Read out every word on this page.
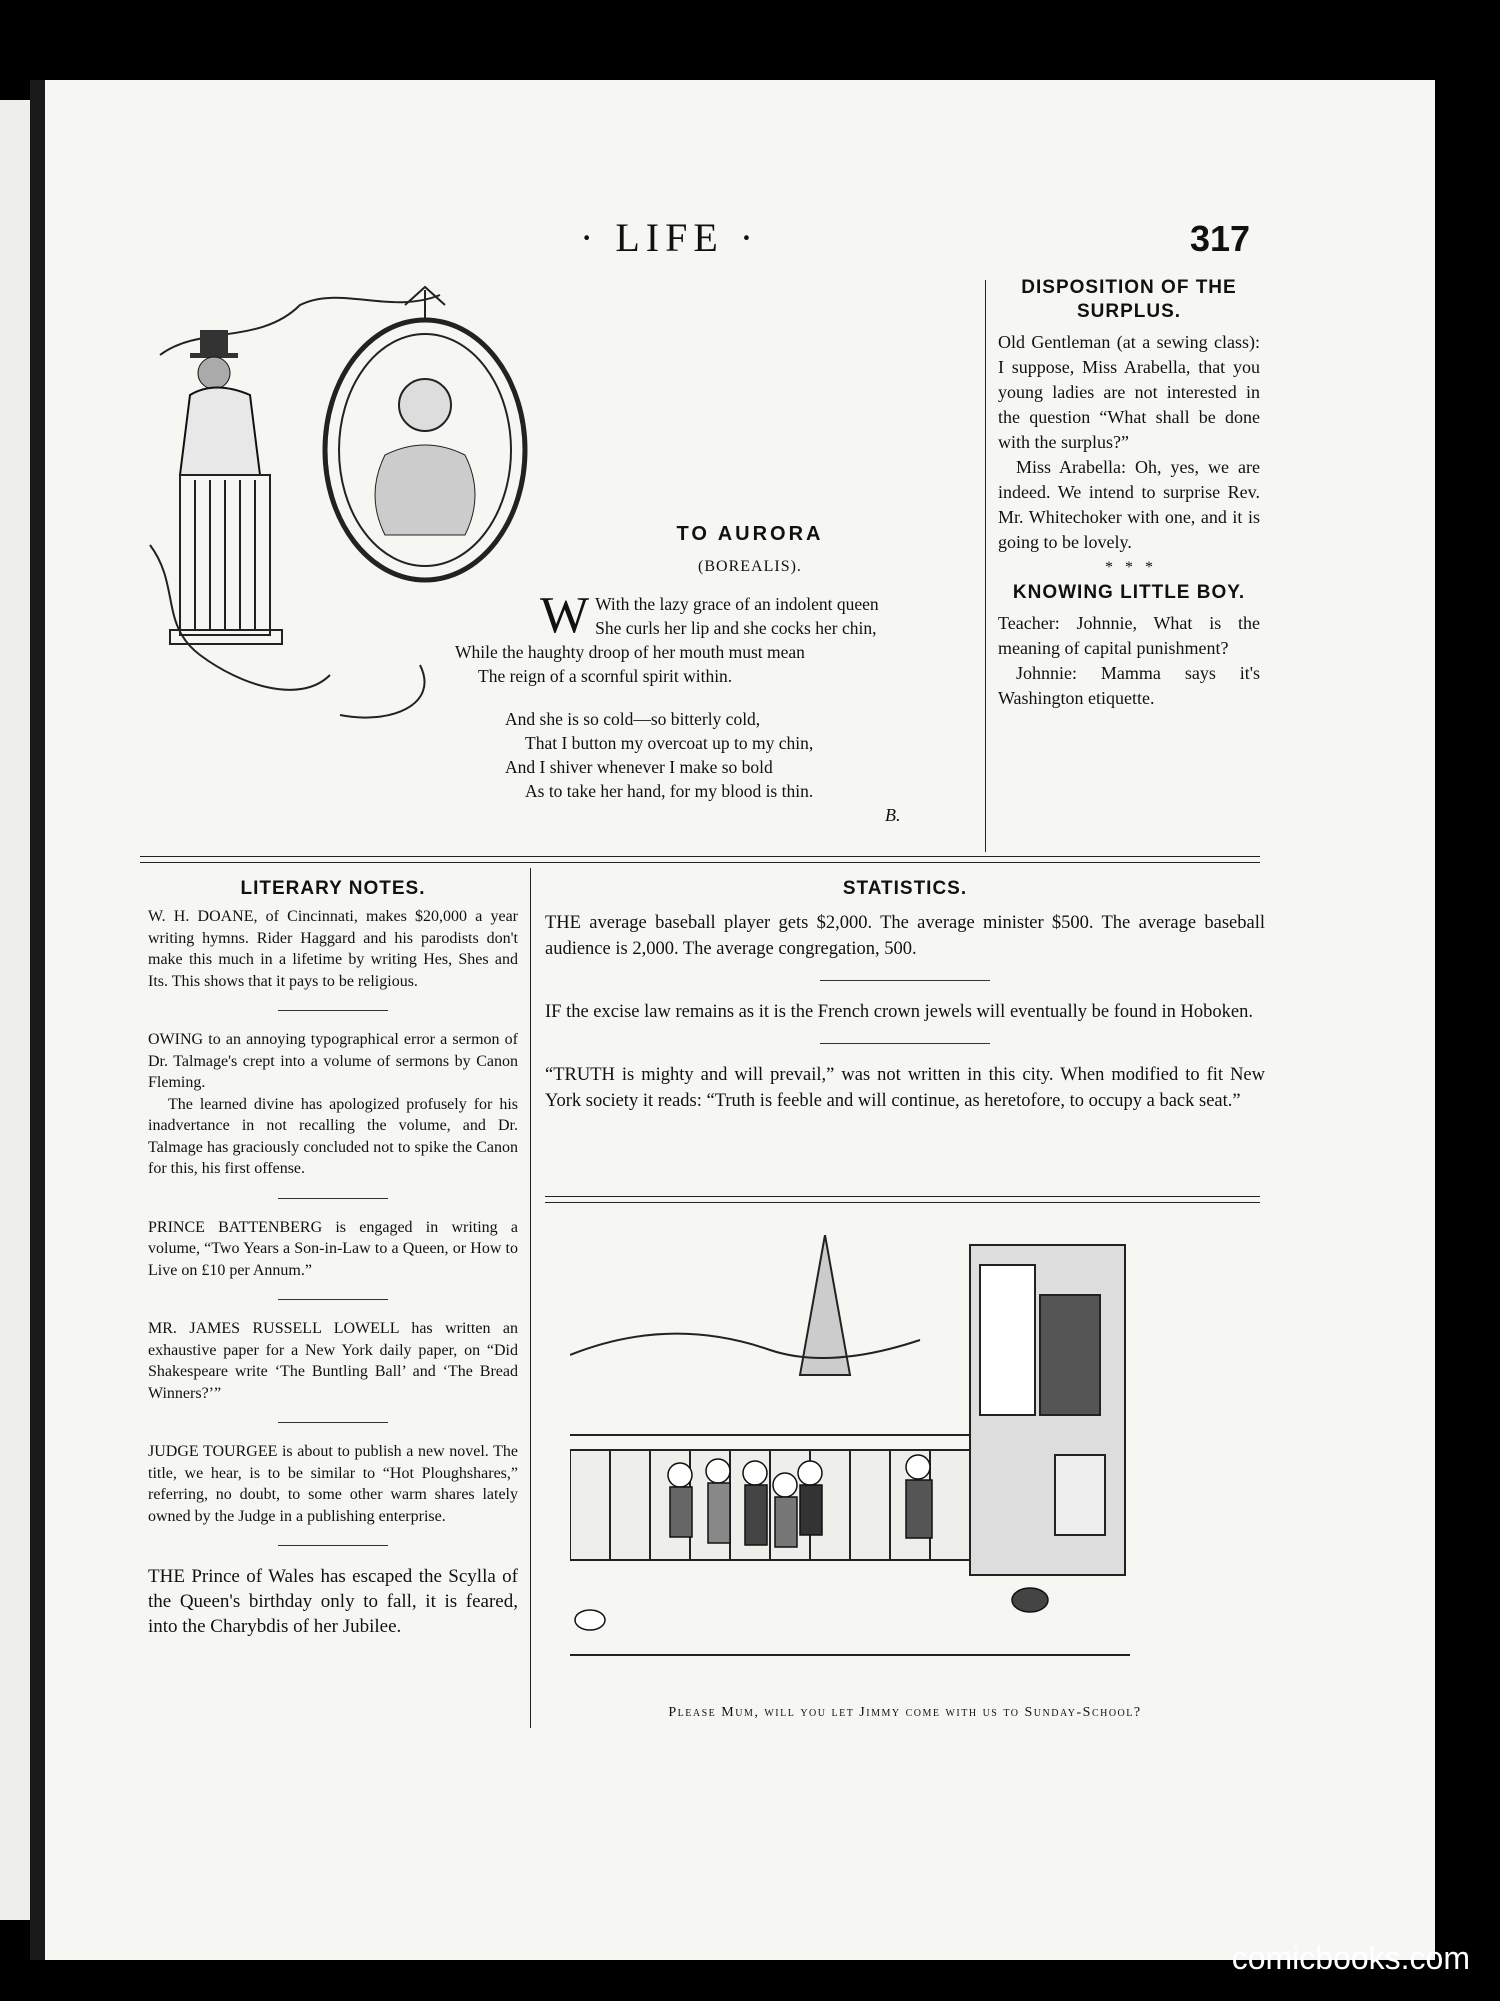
· LIFE ·	317
TO AURORA
(BOREALIS).
W With the lazy grace of an indolent queen

She curls her lip and she cocks her chin,

While the haughty droop of her mouth must mean

The reign of a scornful spirit within.

And she is so cold—so bitterly cold,

That I button my overcoat up to my chin,

And I shiver whenever I make so bold

As to take her hand, for my blood is thin.

B.
DISPOSITION OF THE SURPLUS.

Old Gentleman (at a sewing class): I suppose, Miss Arabella, that you young ladies are not interested in the question “What shall be done with the surplus?”

Miss Arabella: Oh, yes, we are indeed. We intend to surprise Rev. Mr. Whitechoker with one, and it is going to be lovely.

*   *   *
KNOWING LITTLE BOY.

Teacher: Johnnie, What is the meaning of capital punishment?

Johnnie: Mamma says it's Washington etiquette.

LITERARY NOTES.

W. H. DOANE, of Cincinnati, makes $20,000 a year writing hymns. Rider Haggard and his parodists don't make this much in a lifetime by writing Hes, Shes and Its. This shows that it pays to be religious.

OWING to an annoying typographical error a sermon of Dr. Talmage's crept into a volume of sermons by Canon Fleming.

The learned divine has apologized profusely for his inadvertance in not recalling the volume, and Dr. Talmage has graciously concluded not to spike the Canon for this, his first offense.

PRINCE BATTENBERG is engaged in writing a volume, “Two Years a Son-in-Law to a Queen, or How to Live on £10 per Annum.”

MR. JAMES RUSSELL LOWELL has written an exhaustive paper for a New York daily paper, on “Did Shakespeare write ‘The Buntling Ball’ and ‘The Bread Winners?’”

JUDGE TOURGEE is about to publish a new novel. The title, we hear, is to be similar to “Hot Ploughshares,” referring, no doubt, to some other warm shares lately owned by the Judge in a publishing enterprise.

THE Prince of Wales has escaped the Scylla of the Queen's birthday only to fall, it is feared, into the Charybdis of her Jubilee.

STATISTICS.

THE average baseball player gets $2,000. The average minister $500. The average baseball audience is 2,000. The average congregation, 500.

IF the excise law remains as it is the French crown jewels will eventually be found in Hoboken.

“TRUTH is mighty and will prevail,” was not written in this city. When modified to fit New York society it reads: “Truth is feeble and will continue, as heretofore, to occupy a back seat.”

Please Mum, will you let Jimmy come with us to Sunday-School?
comicbooks.com
